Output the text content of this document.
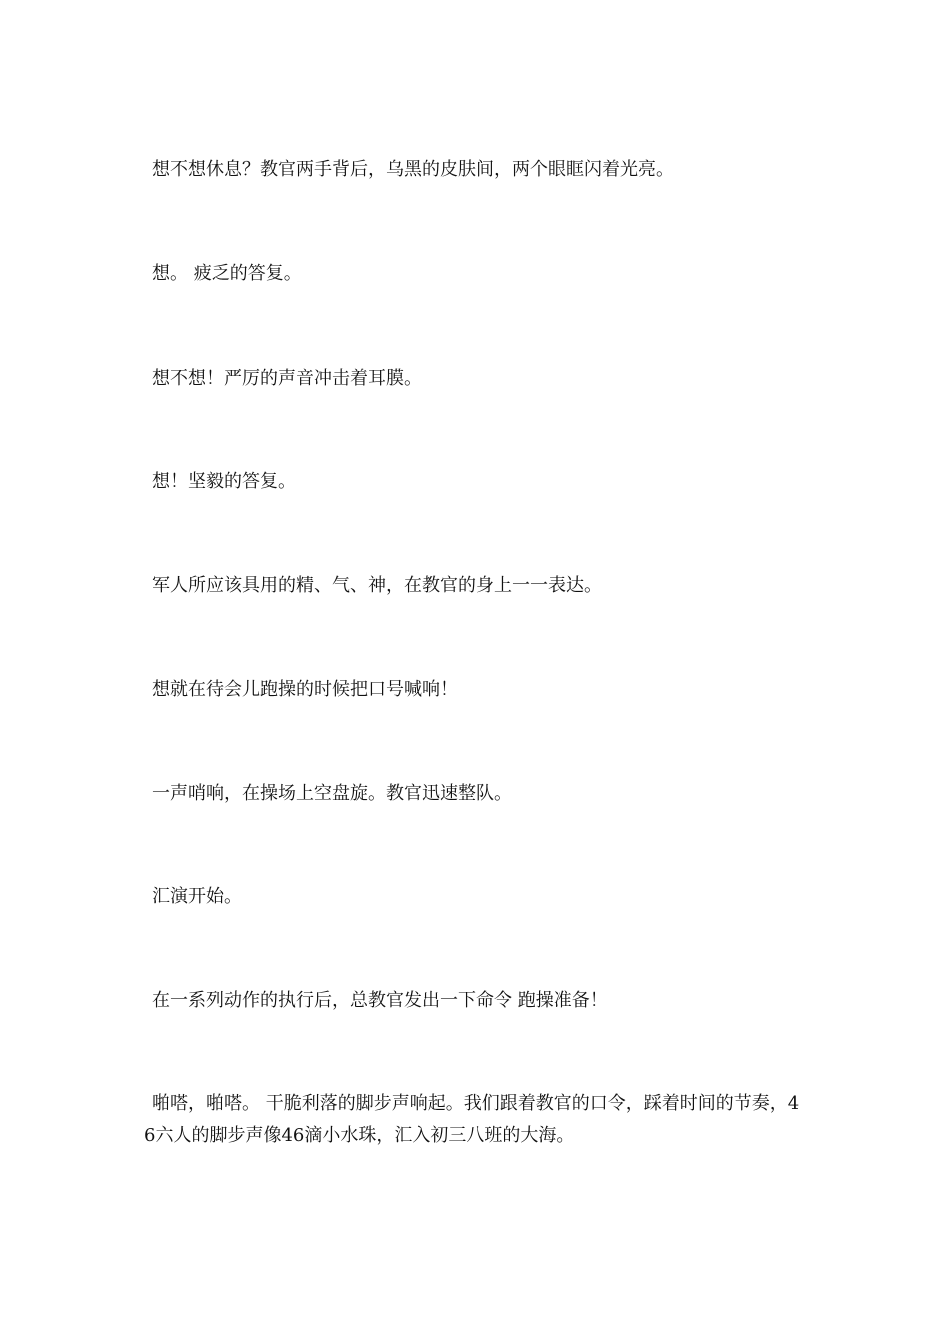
想不想休息？教官两手背后，乌黑的皮肤间，两个眼眶闪着光亮。

想。 疲乏的答复。

想不想！严厉的声音冲击着耳膜。

想！坚毅的答复。

军人所应该具用的精、气、神，在教官的身上一一表达。

想就在待会儿跑操的时候把口号喊响！

一声哨响，在操场上空盘旋。教官迅速整队。

汇演开始。

在一系列动作的执行后，总教官发出一下命令 跑操准备！

啪嗒，啪嗒。 干脆利落的脚步声响起。我们跟着教官的口令，踩着时间的节奏，46六人的脚步声像46滴小水珠，汇入初三八班的大海。
